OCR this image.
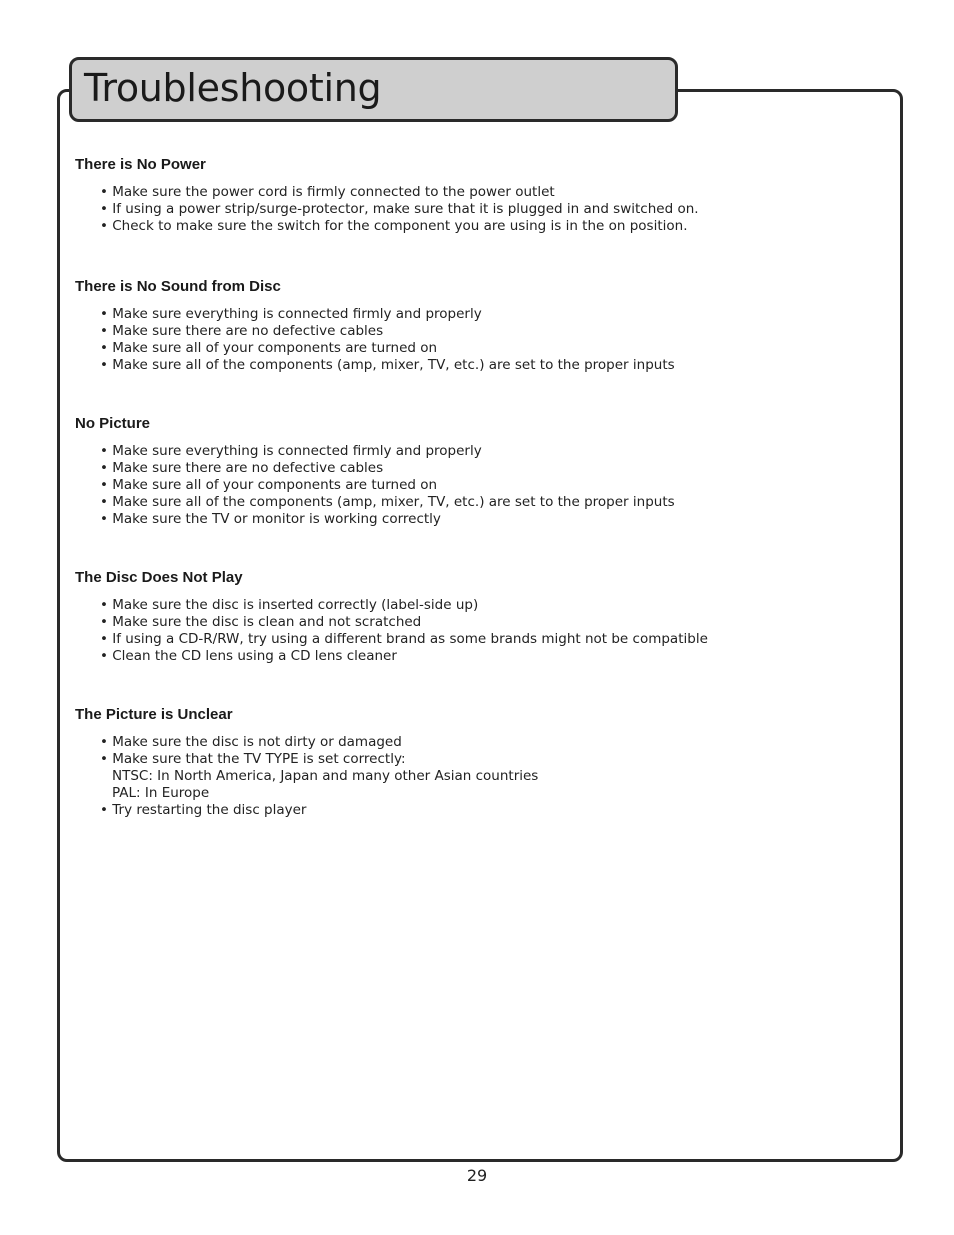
Troubleshooting
There is No Power
• Make sure the power cord is firmly connected to the power outlet
• If using a power strip/surge-protector, make sure that it is plugged in and switched on.
• Check to make sure the switch for the component you are using is in the on position.
There is No Sound from Disc
• Make sure everything is connected firmly and properly
• Make sure there are no defective cables
• Make sure all of your components are turned on
• Make sure all of the components (amp, mixer, TV, etc.) are set to the proper inputs
No Picture
• Make sure everything is connected firmly and properly
• Make sure there are no defective cables
• Make sure all of your components are turned on
• Make sure all of the components (amp, mixer, TV, etc.) are set to the proper inputs
• Make sure the TV or monitor is working correctly
The Disc Does Not Play
• Make sure the disc is inserted correctly (label-side up)
• Make sure the disc is clean and not scratched
• If using a CD-R/RW, try using a different brand as some brands might not be compatible
• Clean the CD lens using a CD lens cleaner
The Picture is Unclear
• Make sure the disc is not dirty or damaged
• Make sure that the TV TYPE is set correctly:
NTSC: In North America, Japan and many other Asian countries
PAL: In Europe
• Try restarting the disc player
29
